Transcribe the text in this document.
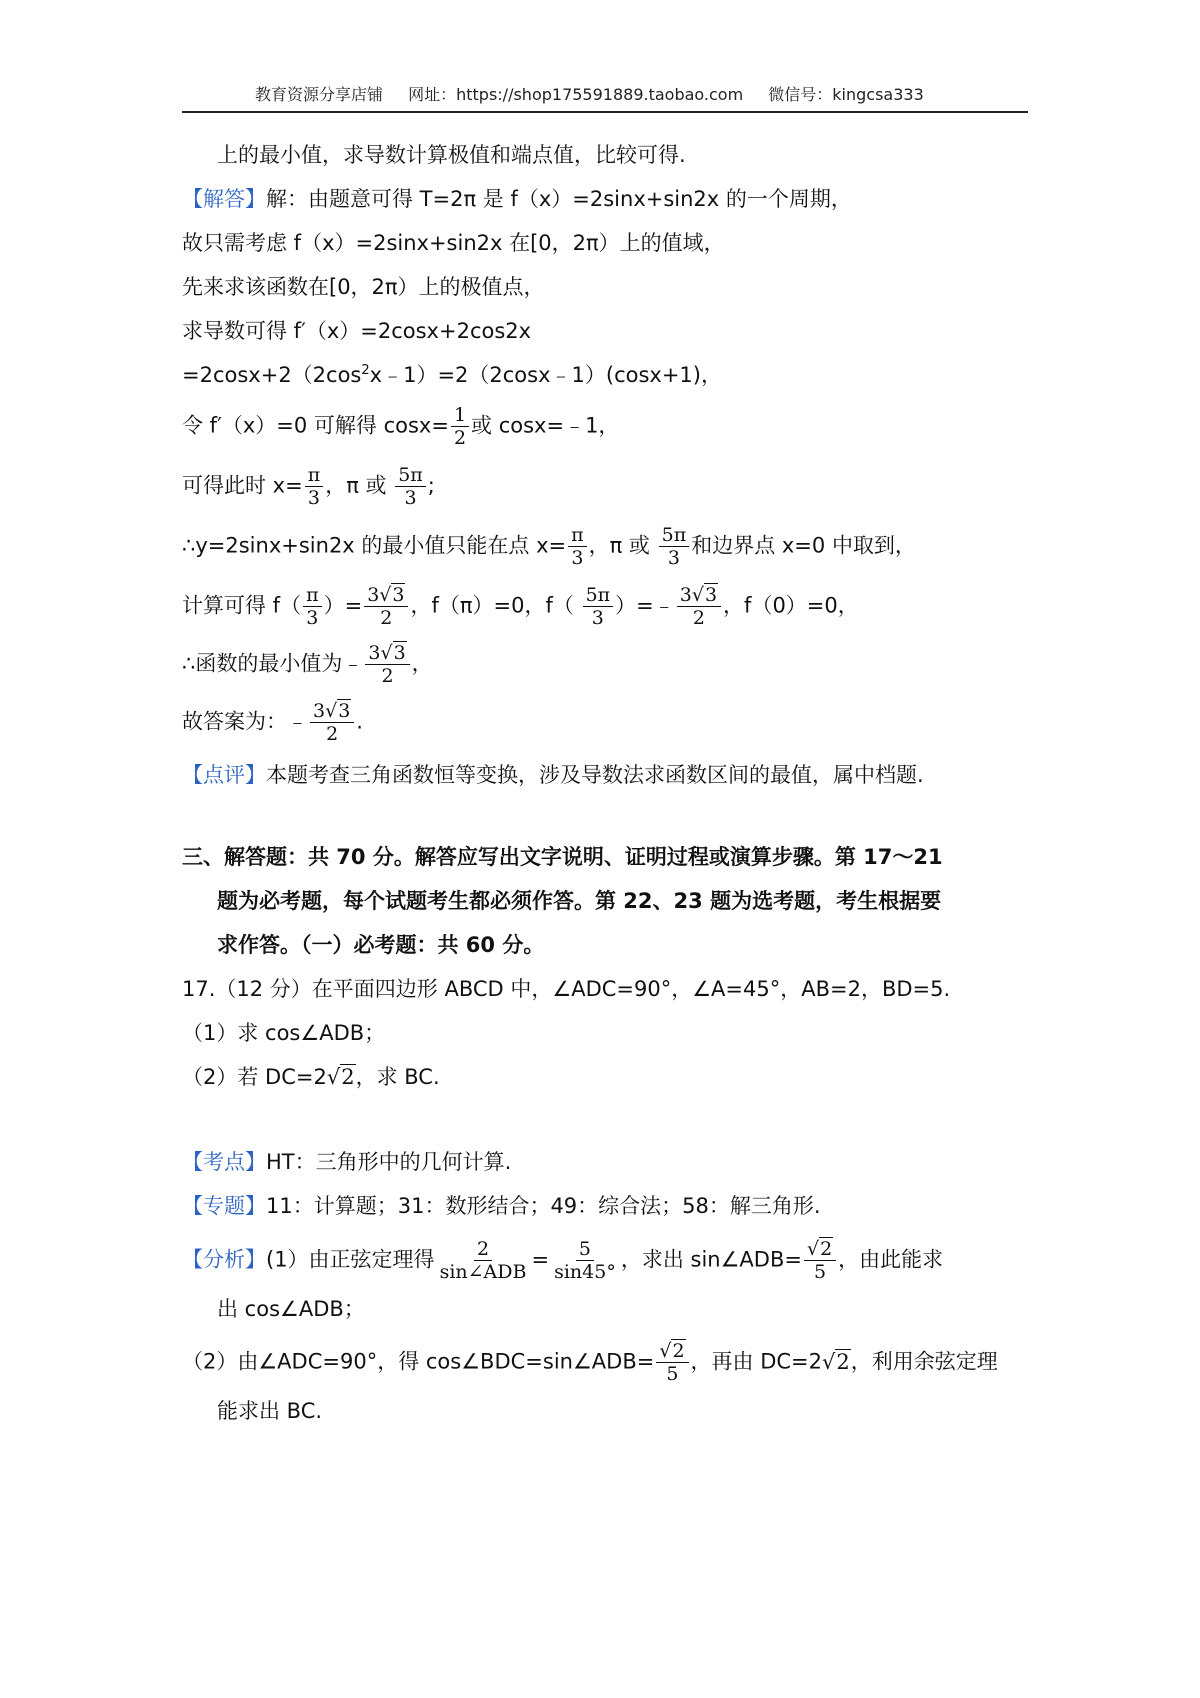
教育资源分享店铺 网址：https://shop175591889.taobao.com 微信号：kingcsa333
上的最小值，求导数计算极值和端点值，比较可得.
【解答】解：由题意可得 T=2π 是 f（x）=2sinx+sin2x 的一个周期，
故只需考虑 f（x）=2sinx+sin2x 在[0，2π）上的值域，
先来求该函数在[0，2π）上的极值点，
求导数可得 f′（x）=2cosx+2cos2x
$=2\cos x+2(2\cos^2x﹣1)=2(2\cos x﹣1)(\cos x+1)$，
令 f′（x）=0 可解得 $\cos x= \frac{1}{2}$ 或 cosx=﹣1，
可得此时 $x= \frac{\pi}{3}$ ，π 或 $\frac{5\pi}{3}$ ;
∴y=2sinx+sin2x 的最小值只能在点 $x= \frac{\pi}{3}$ ，π 或 $\frac{5\pi}{3}$ 和边界点 x=0 中取到，
计算可得 $f( \frac{\pi}{3}$ ）= $\frac{3√3}{2}$ ，f（π）=0，$f( \frac{5\pi}{3}$ ）=﹣ $\frac{3√3}{2}$ ，f（0）=0，
∴函数的最小值为﹣ $\frac{3√3}{2}$ ，
故答案为：﹣ $\frac{3√3}{2}$ .
【点评】本题考查三角函数恒等变换，涉及导数法求函数区间的最值，属中档题.
三、解答题：共 70 分。解答应写出文字说明、证明过程或演算步骤。第 17～21
题为必考题，每个试题考生都必须作答。第 22、23 题为选考题，考生根据要
求作答。（一）必考题：共 60 分。
17.（12 分）在平面四边形 ABCD 中，∠ADC=90°，∠A=45°，AB=2，BD=5.
（1）求 cos∠ADB；
（2）若 DC=2√2，求 BC.
【考点】HT：三角形中的几何计算.
【专题】11：计算题；31：数形结合；49：综合法；58：解三角形.
【分析】(1）由正弦定理得 $\frac{2}{\text{sin∠ADB}} = \frac{5}{\sin 45^\circ}$ ，求出 sin∠ADB= $\frac{√2}{5}$ ，由此能求
出 cos∠ADB；
（2）由∠ADC=90°，得 cos∠BDC=sin∠ADB= $\frac{√2}{5}$ ，再由 DC=2√2，利用余弦定理
能求出 BC.
